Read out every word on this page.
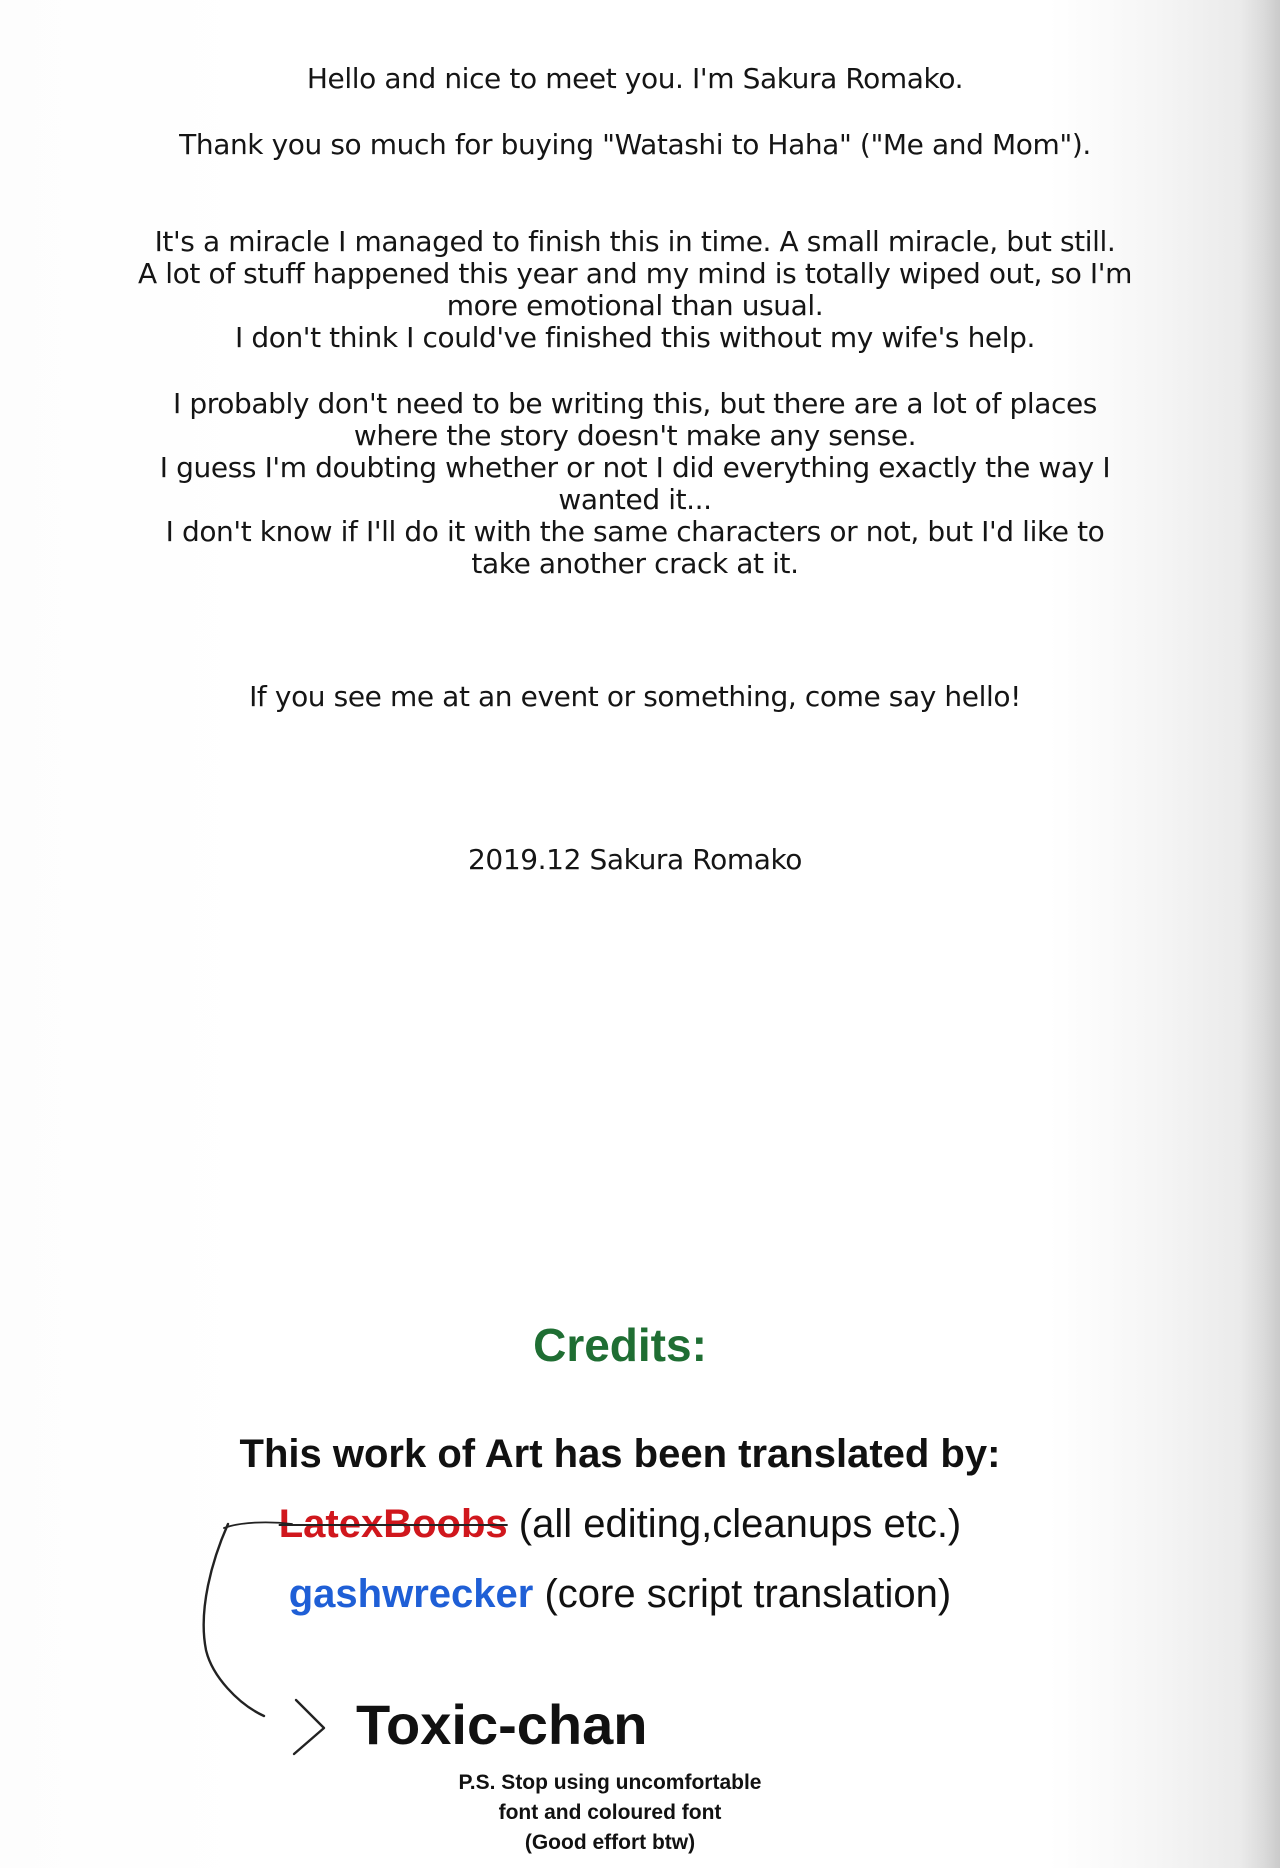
Hello and nice to meet you. I'm Sakura Romako.
Thank you so much for buying "Watashi to Haha" ("Me and Mom").
It's a miracle I managed to finish this in time. A small miracle, but still.
A lot of stuff happened this year and my mind is totally wiped out, so I'm
more emotional than usual.
I don't think I could've finished this without my wife's help.
I probably don't need to be writing this, but there are a lot of places
where the story doesn't make any sense.
I guess I'm doubting whether or not I did everything exactly the way I
wanted it...
I don't know if I'll do it with the same characters or not, but I'd like to
take another crack at it.
If you see me at an event or something, come say hello!
2019.12 Sakura Romako
Credits:
This work of Art has been translated by:
LatexBoobs (all editing,cleanups etc.)
gashwrecker (core script translation)
Toxic-chan
P.S. Stop using uncomfortable
font and coloured font
(Good effort btw)
